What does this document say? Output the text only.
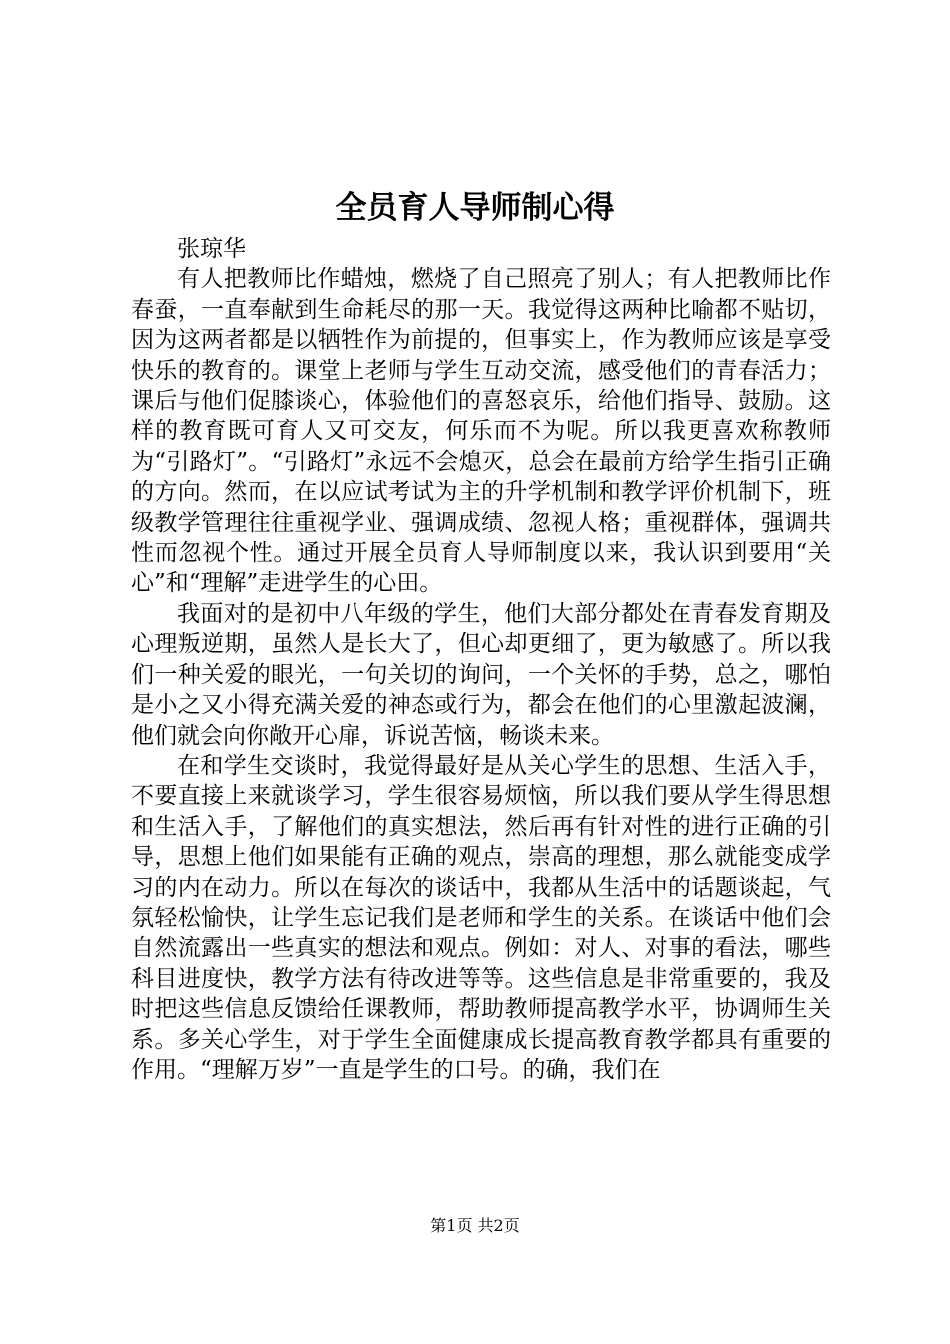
全员育人导师制心得
张琼华

有人把教师比作蜡烛，燃烧了自己照亮了别人；有人把教师比作春蚕，一直奉献到生命耗尽的那一天。我觉得这两种比喻都不贴切，因为这两者都是以牺牲作为前提的，但事实上，作为教师应该是享受快乐的教育的。课堂上老师与学生互动交流，感受他们的青春活力；课后与他们促膝谈心，体验他们的喜怒哀乐，给他们指导、鼓励。这样的教育既可育人又可交友，何乐而不为呢。所以我更喜欢称教师为“引路灯”。“引路灯”永远不会熄灭，总会在最前方给学生指引正确的方向。然而，在以应试考试为主的升学机制和教学评价机制下，班级教学管理往往重视学业、强调成绩、忽视人格；重视群体，强调共性而忽视个性。通过开展全员育人导师制度以来，我认识到要用“关心”和“理解”走进学生的心田。

我面对的是初中八年级的学生，他们大部分都处在青春发育期及心理叛逆期，虽然人是长大了，但心却更细了，更为敏感了。所以我们一种关爱的眼光，一句关切的询问，一个关怀的手势，总之，哪怕是小之又小得充满关爱的神态或行为，都会在他们的心里激起波澜，他们就会向你敞开心扉，诉说苦恼，畅谈未来。

在和学生交谈时，我觉得最好是从关心学生的思想、生活入手，不要直接上来就谈学习，学生很容易烦恼，所以我们要从学生得思想和生活入手，了解他们的真实想法，然后再有针对性的进行正确的引导，思想上他们如果能有正确的观点，崇高的理想，那么就能变成学习的内在动力。所以在每次的谈话中，我都从生活中的话题谈起，气氛轻松愉快，让学生忘记我们是老师和学生的关系。在谈话中他们会自然流露出一些真实的想法和观点。例如：对人、对事的看法，哪些科目进度快，教学方法有待改进等等。这些信息是非常重要的，我及时把这些信息反馈给任课教师，帮助教师提高教学水平，协调师生关系。多关心学生，对于学生全面健康成长提高教育教学都具有重要的作用。“理解万岁”一直是学生的口号。的确，我们在

第1页 共2页
